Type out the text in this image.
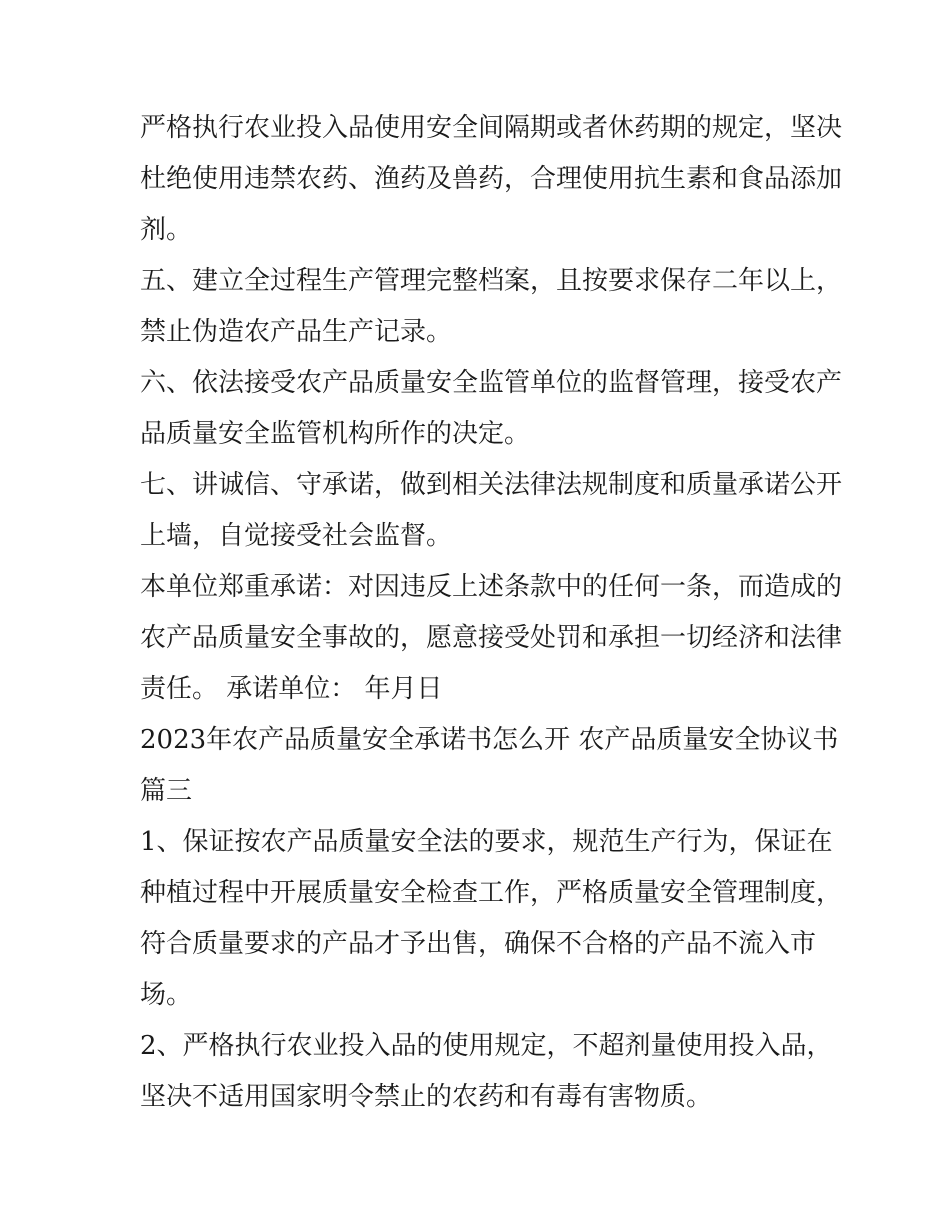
严格执行农业投入品使用安全间隔期或者休药期的规定，坚决
杜绝使用违禁农药、渔药及兽药，合理使用抗生素和食品添加
剂。
五、建立全过程生产管理完整档案，且按要求保存二年以上，
禁止伪造农产品生产记录。
六、依法接受农产品质量安全监管单位的监督管理，接受农产
品质量安全监管机构所作的决定。
七、讲诚信、守承诺，做到相关法律法规制度和质量承诺公开
上墙，自觉接受社会监督。
本单位郑重承诺：对因违反上述条款中的任何一条，而造成的
农产品质量安全事故的，愿意接受处罚和承担一切经济和法律
责任。 承诺单位： 年月日
2023年农产品质量安全承诺书怎么开 农产品质量安全协议书
篇三
1、保证按农产品质量安全法的要求，规范生产行为，保证在
种植过程中开展质量安全检查工作，严格质量安全管理制度，
符合质量要求的产品才予出售，确保不合格的产品不流入市
场。
2、严格执行农业投入品的使用规定，不超剂量使用投入品，
坚决不适用国家明令禁止的农药和有毒有害物质。
